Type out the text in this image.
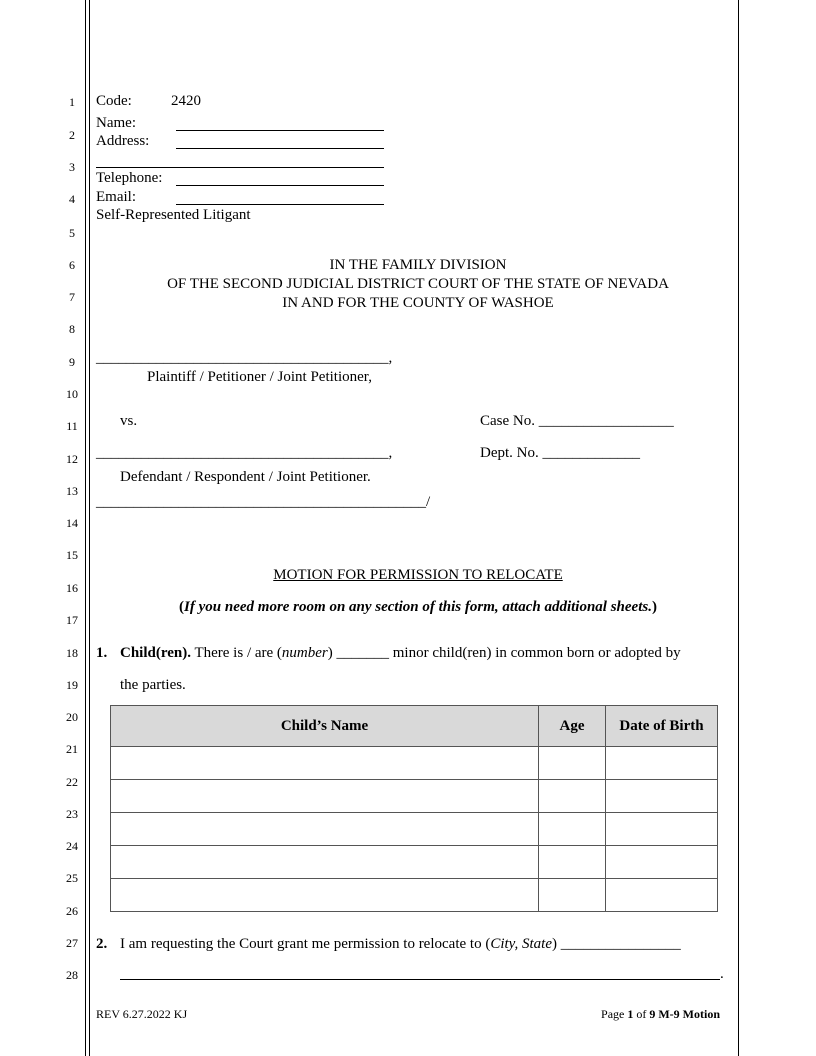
1
2
3
4
5
6
7
8
9
10
11
12
13
14
15
16
17
18
19
20
21
22
23
24
25
26
27
28
Code:	2420
Name:
Address:
Telephone:
Email:
Self-Represented Litigant
IN THE FAMILY DIVISION
OF THE SECOND JUDICIAL DISTRICT COURT OF THE STATE OF NEVADA
IN AND FOR THE COUNTY OF WASHOE
_______________________________________,
Plaintiff / Petitioner / Joint Petitioner,
vs.	Case No. __________________
_______________________________________,	Dept. No. _____________
Defendant / Respondent / Joint Petitioner.
____________________________________________/
MOTION FOR PERMISSION TO RELOCATE
(If you need more room on any section of this form, attach additional sheets.)
1. Child(ren). There is / are (number) _______ minor child(ren) in common born or adopted by
the parties.
Child’s Name	Age	Date of Birth

2. I am requesting the Court grant me permission to relocate to (City, State) ________________
.
REV 6.27.2022 KJ	Page 1 of 9 M-9 Motion
